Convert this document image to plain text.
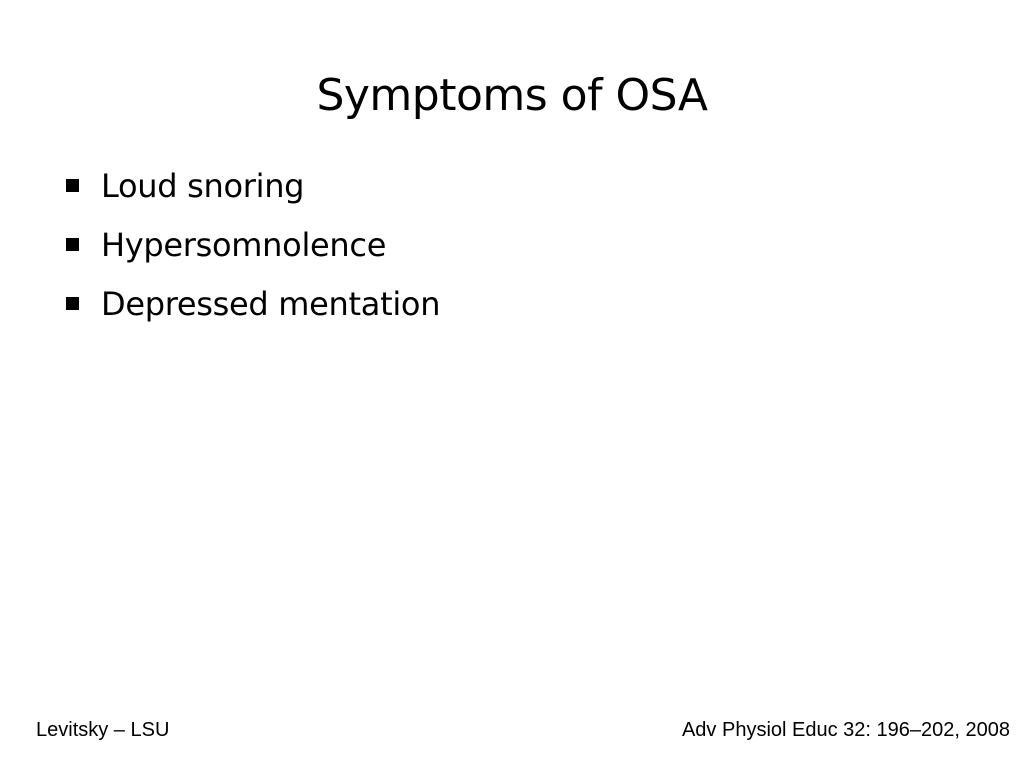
Symptoms of OSA
Loud snoring
Hypersomnolence
Depressed mentation
Levitsky – LSU	Adv Physiol Educ 32: 196–202, 2008
